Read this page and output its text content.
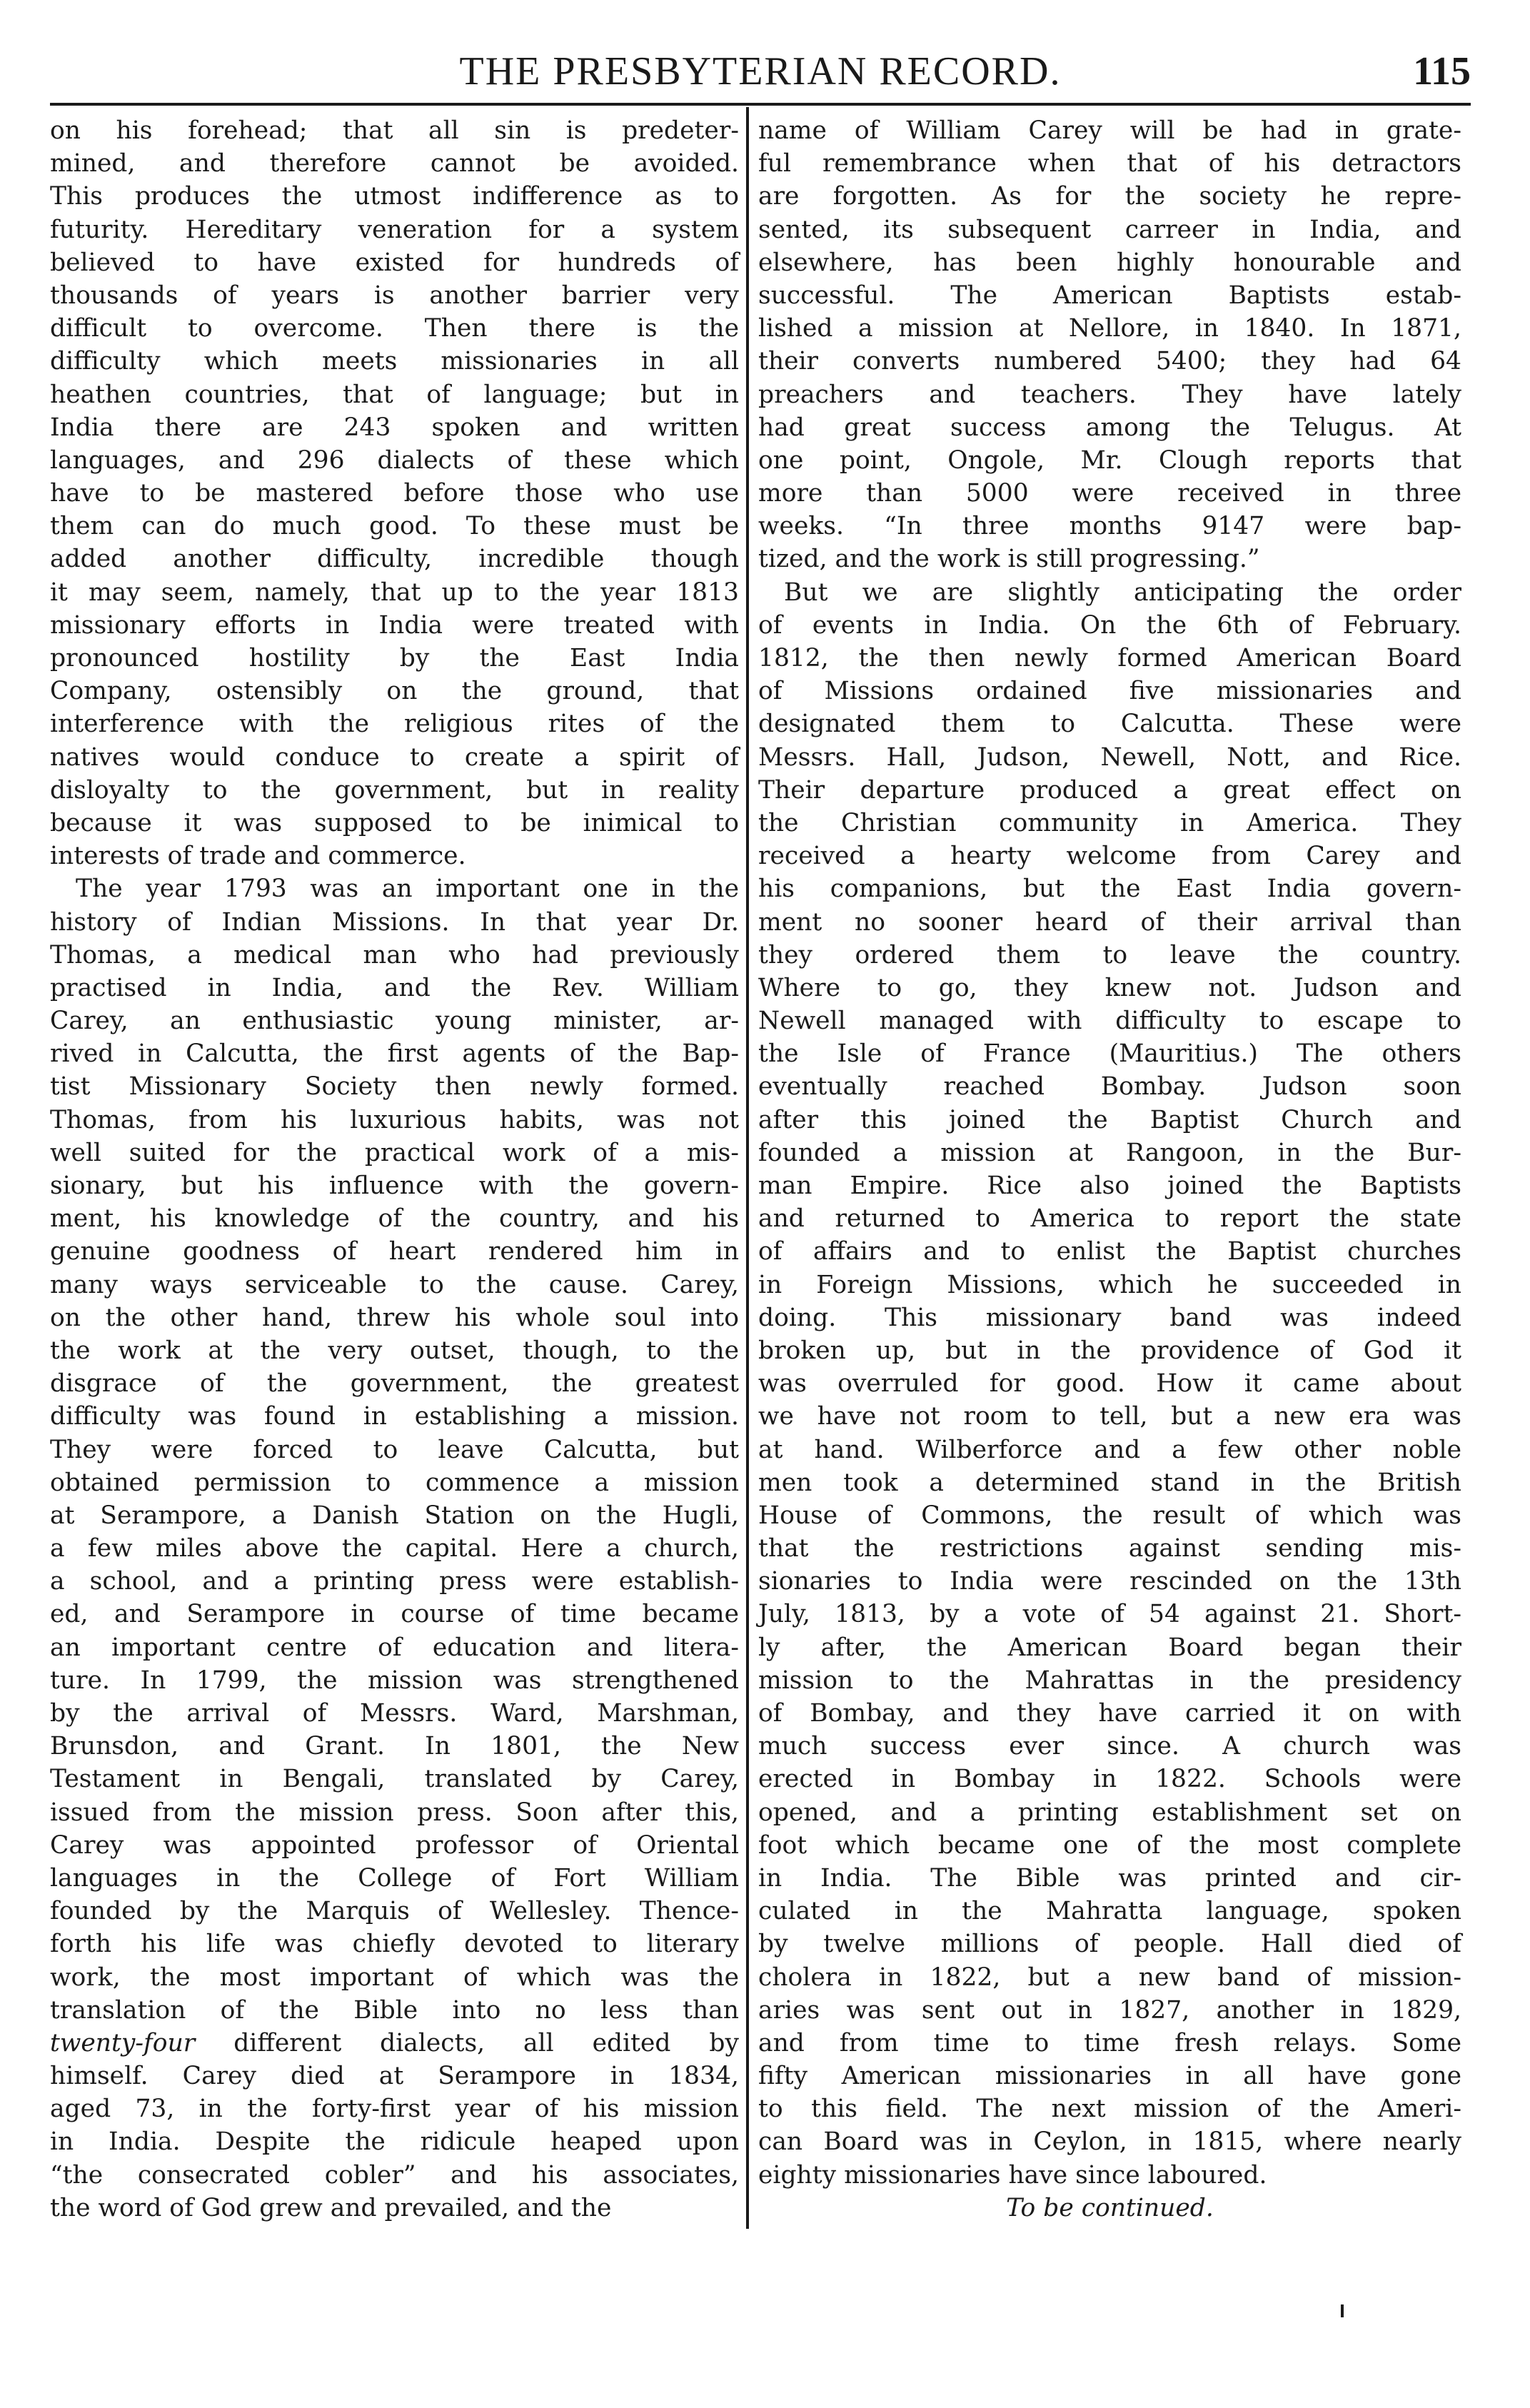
THE PRESBYTERIAN RECORD.	115
on his forehead; that all sin is predeter-
mined, and therefore cannot be avoided.
This produces the utmost indifference as to
futurity. Hereditary veneration for a system
believed to have existed for hundreds of
thousands of years is another barrier very
difficult to overcome. Then there is the
difficulty which meets missionaries in all
heathen countries, that of language; but in
India there are 243 spoken and written
languages, and 296 dialects of these which
have to be mastered before those who use
them can do much good. To these must be
added another difficulty, incredible though
it may seem, namely, that up to the year 1813
missionary efforts in India were treated with
pronounced hostility by the East India
Company, ostensibly on the ground, that
interference with the religious rites of the
natives would conduce to create a spirit of
disloyalty to the government, but in reality
because it was supposed to be inimical to
interests of trade and commerce.
The year 1793 was an important one in the
history of Indian Missions. In that year Dr.
Thomas, a medical man who had previously
practised in India, and the Rev. William
Carey, an enthusiastic young minister, ar-
rived in Calcutta, the first agents of the Bap-
tist Missionary Society then newly formed.
Thomas, from his luxurious habits, was not
well suited for the practical work of a mis-
sionary, but his influence with the govern-
ment, his knowledge of the country, and his
genuine goodness of heart rendered him in
many ways serviceable to the cause. Carey,
on the other hand, threw his whole soul into
the work at the very outset, though, to the
disgrace of the government, the greatest
difficulty was found in establishing a mission.
They were forced to leave Calcutta, but
obtained permission to commence a mission
at Serampore, a Danish Station on the Hugli,
a few miles above the capital. Here a church,
a school, and a printing press were establish-
ed, and Serampore in course of time became
an important centre of education and litera-
ture. In 1799, the mission was strengthened
by the arrival of Messrs. Ward, Marshman,
Brunsdon, and Grant. In 1801, the New
Testament in Bengali, translated by Carey,
issued from the mission press. Soon after this,
Carey was appointed professor of Oriental
languages in the College of Fort William
founded by the Marquis of Wellesley. Thence-
forth his life was chiefly devoted to literary
work, the most important of which was the
translation of the Bible into no less than
twenty-four different dialects, all edited by
himself. Carey died at Serampore in 1834,
aged 73, in the forty-first year of his mission
in India. Despite the ridicule heaped upon
“the consecrated cobler” and his associates,
the word of God grew and prevailed, and the
name of William Carey will be had in grate-
ful remembrance when that of his detractors
are forgotten. As for the society he repre-
sented, its subsequent carreer in India, and
elsewhere, has been highly honourable and
successful. The American Baptists estab-
lished a mission at Nellore, in 1840. In 1871,
their converts numbered 5400; they had 64
preachers and teachers. They have lately
had great success among the Telugus. At
one point, Ongole, Mr. Clough reports that
more than 5000 were received in three
weeks. “In three months 9147 were bap-
tized, and the work is still progressing.”
But we are slightly anticipating the order
of events in India. On the 6th of February.
1812, the then newly formed American Board
of Missions ordained five missionaries and
designated them to Calcutta. These were
Messrs. Hall, Judson, Newell, Nott, and Rice.
Their departure produced a great effect on
the Christian community in America. They
received a hearty welcome from Carey and
his companions, but the East India govern-
ment no sooner heard of their arrival than
they ordered them to leave the country.
Where to go, they knew not. Judson and
Newell managed with difficulty to escape to
the Isle of France (Mauritius.) The others
eventually reached Bombay. Judson soon
after this joined the Baptist Church and
founded a mission at Rangoon, in the Bur-
man Empire. Rice also joined the Baptists
and returned to America to report the state
of affairs and to enlist the Baptist churches
in Foreign Missions, which he succeeded in
doing. This missionary band was indeed
broken up, but in the providence of God it
was overruled for good. How it came about
we have not room to tell, but a new era was
at hand. Wilberforce and a few other noble
men took a determined stand in the British
House of Commons, the result of which was
that the restrictions against sending mis-
sionaries to India were rescinded on the 13th
July, 1813, by a vote of 54 against 21. Short-
ly after, the American Board began their
mission to the Mahrattas in the presidency
of Bombay, and they have carried it on with
much success ever since. A church was
erected in Bombay in 1822. Schools were
opened, and a printing establishment set on
foot which became one of the most complete
in India. The Bible was printed and cir-
culated in the Mahratta language, spoken
by twelve millions of people. Hall died of
cholera in 1822, but a new band of mission-
aries was sent out in 1827, another in 1829,
and from time to time fresh relays. Some
fifty American missionaries in all have gone
to this field. The next mission of the Ameri-
can Board was in Ceylon, in 1815, where nearly
eighty missionaries have since laboured.
To be continued.
